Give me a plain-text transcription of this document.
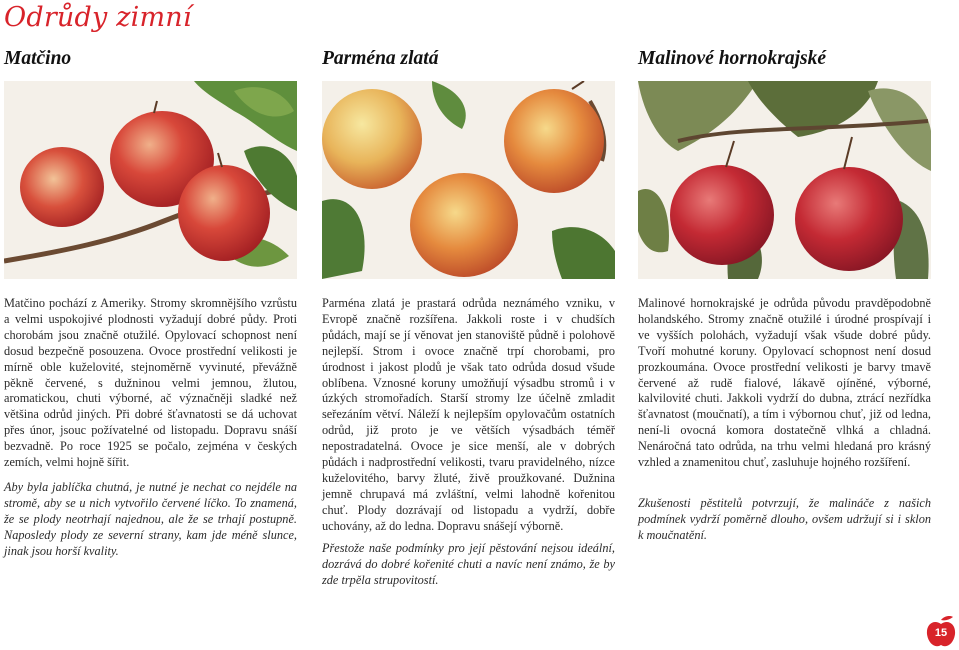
Odrůdy zimní
Matčino

Matčino pochází z Ameriky. Stromy skromnějšího vzrůstu a velmi uspokojivé plodnosti vyžadují dobré půdy. Proti chorobám jsou značně otužilé. Opylovací schopnost není dosud bezpečně posouzena. Ovoce prostřední velikosti je mírně oble kuželovité, stejnoměrně vyvinuté, převážně pěkně červené, s dužninou velmi jemnou, žlutou, aromatickou, chuti výborné, ač význačněji sladké než většina odrůd jiných. Při dobré šťavnatosti se dá uchovat přes únor, jsouc požívatelné od listopadu. Dopravu snáší bezvadně. Po roce 1925 se počalo, zejména v českých zemích, velmi hojně šířit.

Aby byla jablíčka chutná, je nutné je nechat co nejdéle na stromě, aby se u nich vytvořilo červené líčko. To znamená, že se plody neotrhají najednou, ale že se trhají postupně. Naposledy plody ze severní strany, kam jde méně slunce, jinak jsou horší kvality.

Parména zlatá

Parména zlatá je prastará odrůda neznámého vzniku, v Evropě značně rozšířena. Jakkoli roste i v chudších půdách, mají se jí věnovat jen stanoviště půdně i polohově nejlepší. Strom i ovoce značně trpí chorobami, pro úrodnost i jakost plodů je však tato odrůda dosud všude oblíbena. Vznosné koruny umožňují výsadbu stromů i v úzkých stromořadích. Starší stromy lze účelně zmladit seřezáním větví. Náleží k nejlepším opylovačům ostatních odrůd, již proto je ve větších výsadbách téměř nepostradatelná. Ovoce je sice menší, ale v dobrých půdách i nadprostřední velikosti, tvaru pravidelného, nízce kuželovitého, barvy žluté, živě proužkované. Dužnina jemně chrupavá má zvláštní, velmi lahodně kořenitou chuť. Plody dozrávají od listopadu a vydrží, dobře uchovány, až do ledna. Dopravu snášejí výborně.

Přestože naše podmínky pro její pěstování nejsou ideální, dozrává do dobré kořenité chuti a navíc není známo, že by zde trpěla strupovitostí.

Malinové hornokrajské

Malinové hornokrajské je odrůda původu pravděpodobně holandského. Stromy značně otužilé i úrodné prospívají i ve vyšších polohách, vyžadují však všude dobré půdy. Tvoří mohutné koruny. Opylovací schopnost není dosud prozkoumána. Ovoce prostřední velikosti je barvy tmavě červené až rudě fialové, lákavě ojíněné, výborné, kalvilovité chuti. Jakkoli vydrží do dubna, ztrácí nezřídka šťavnatost (moučnatí), a tím i výbornou chuť, již od ledna, není-li ovocná komora dostatečně vlhká a chladná. Nenáročná tato odrůda, na trhu velmi hledaná pro krásný vzhled a znamenitou chuť, zasluhuje hojného rozšíření.

Zkušenosti pěstitelů potvrzují, že malináče z našich podmínek vydrží poměrně dlouho, ovšem udržují si i sklon k moučnatění.

15
